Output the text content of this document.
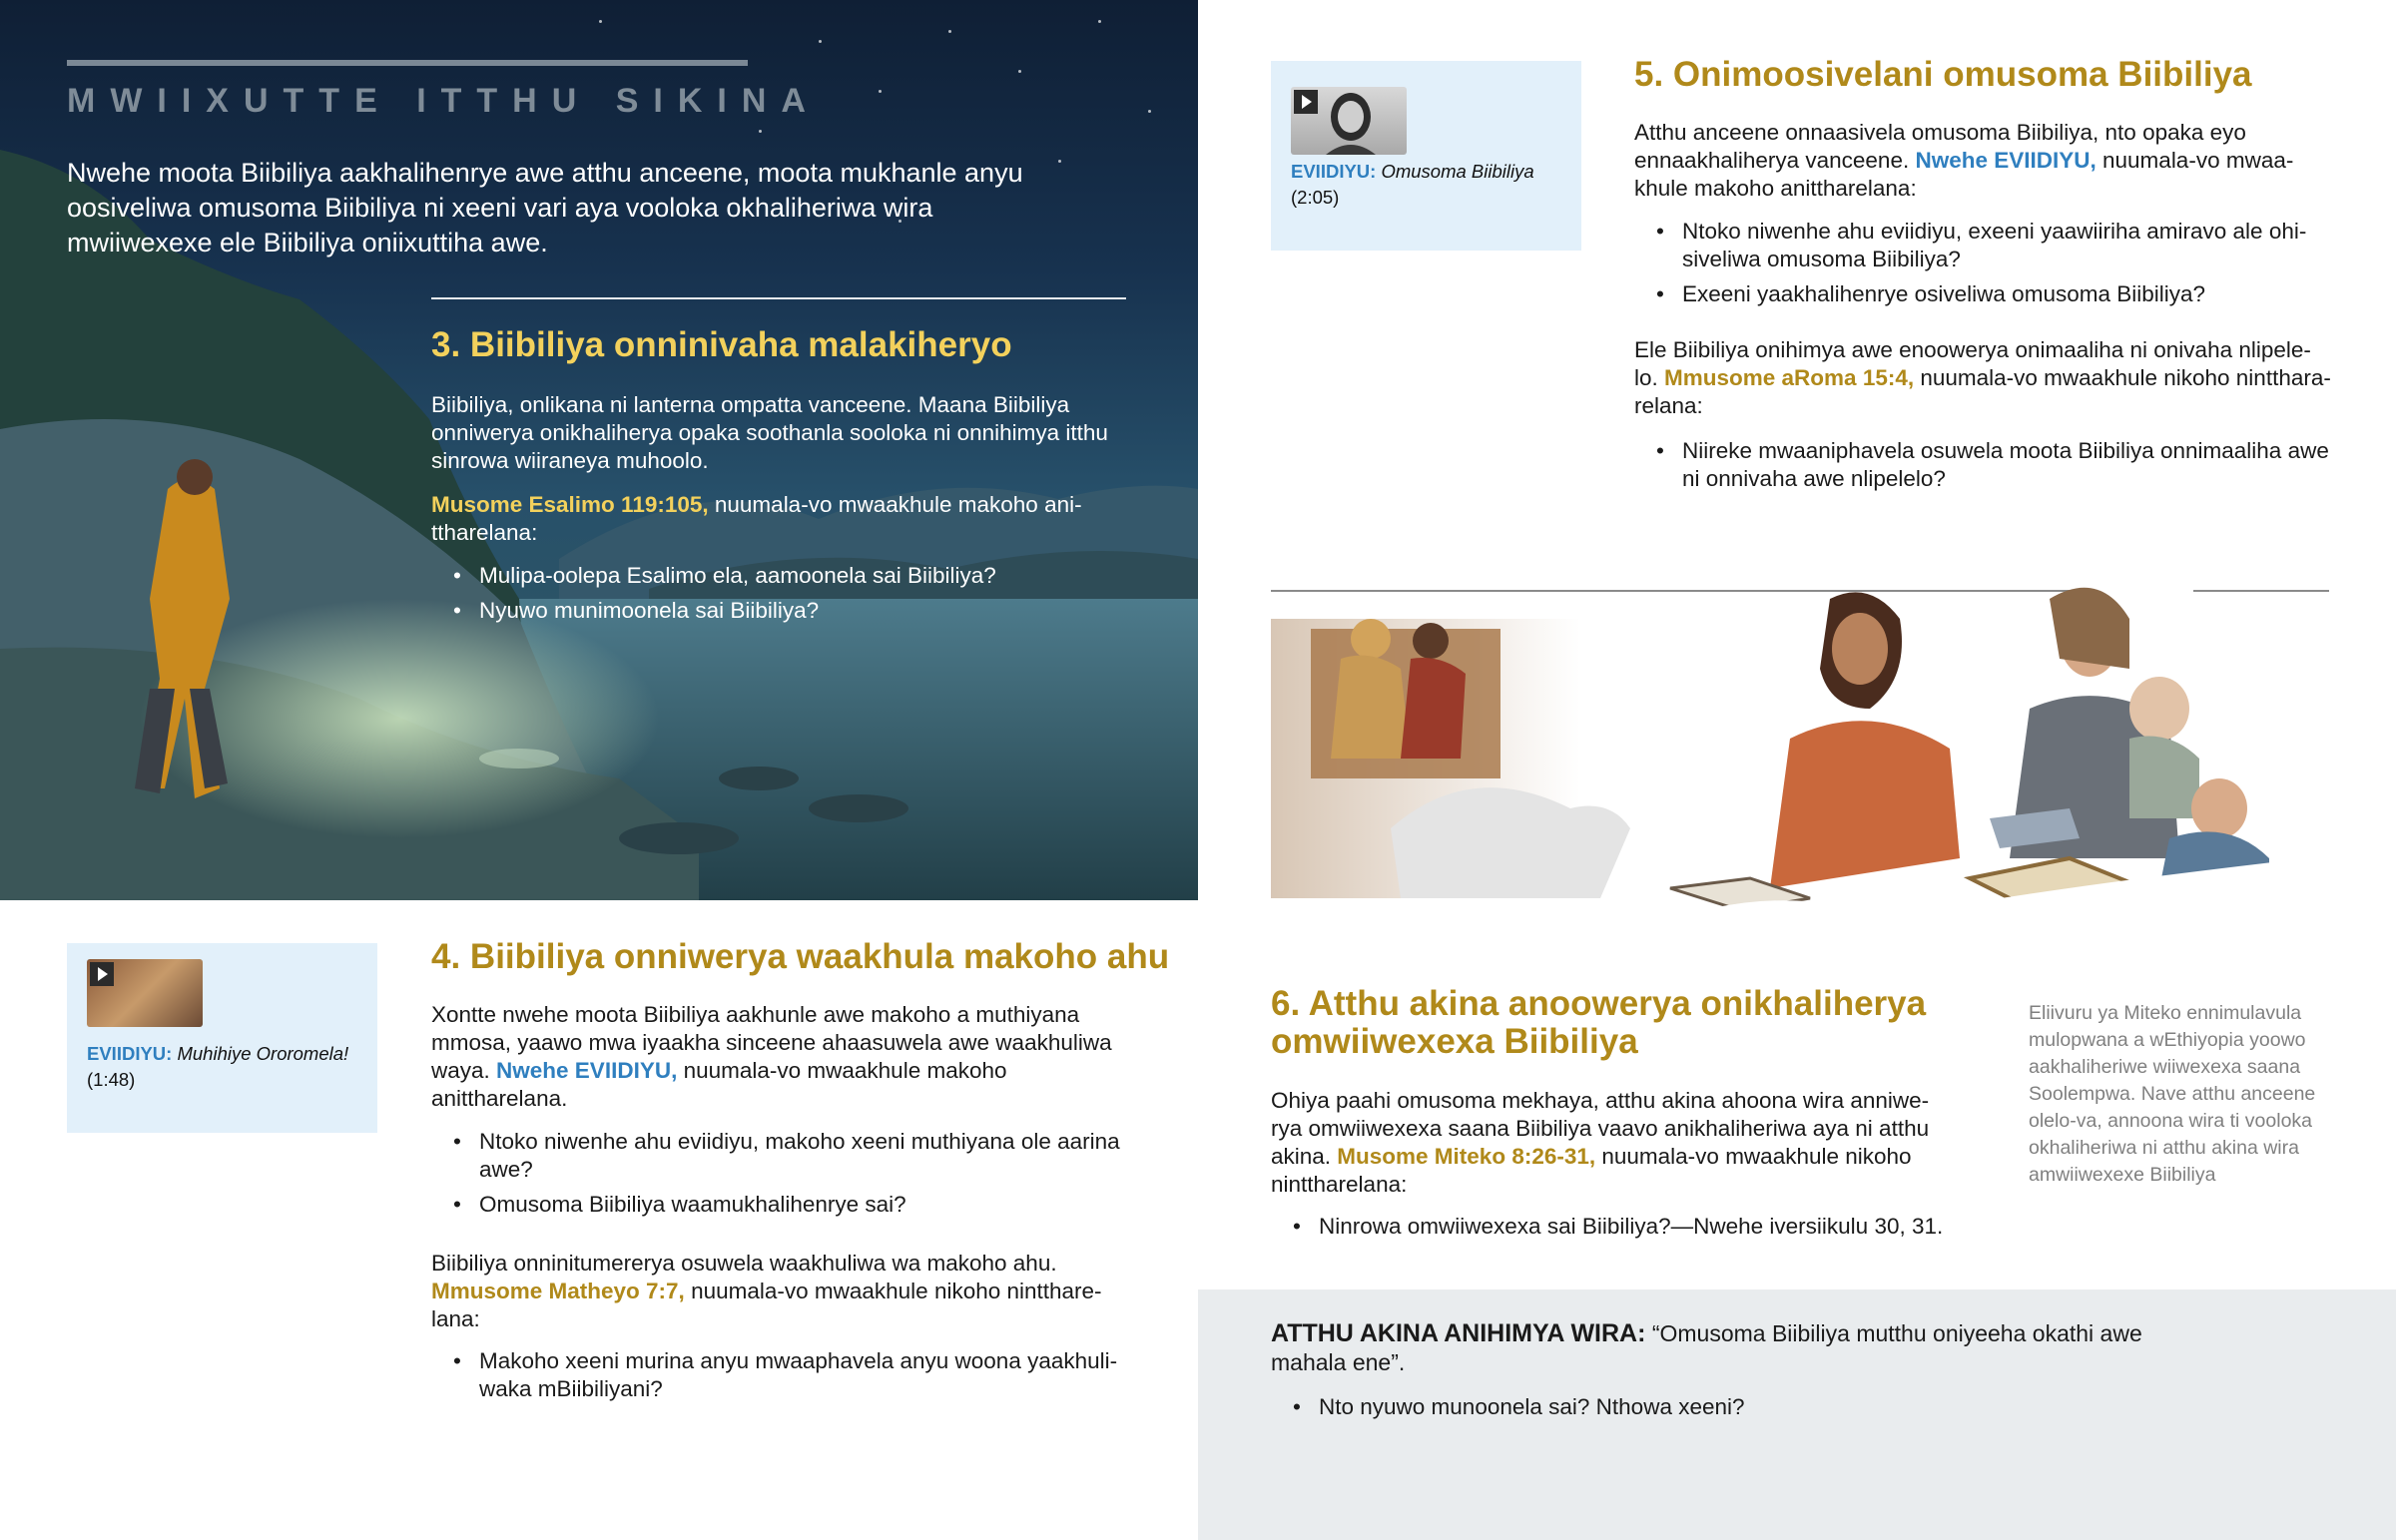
MWIIXUTTE ITTHU SIKINA
Nwehe moota Biibiliya aakhalihenrye awe atthu anceene, moota mukhanle anyu oosiveliwa omusoma Biibiliya ni xeeni vari aya vooloka okhaliheriwa wira mwiiwexexe ele Biibiliya oniixuttiha awe.
3. Biibiliya onninivaha malakiheryo
Biibiliya, onlikana ni lanterna ompatta vanceene. Maana Biibiliya onniwerya onikhaliherya opaka soothanla sooloka ni onnihimya itthu sinrowa wiiraneya muhoolo.
Musome Esalimo 119:105, nuumala-vo mwaakhule makoho ani-ttharelana:
• Mulipa-oolepa Esalimo ela, aamoonela sai Biibiliya?
• Nyuwo munimoonela sai Biibiliya?
EVIIDIYU: Muhihiye Ororomela! (1:48)
4. Biibiliya onniwerya waakhula makoho ahu
Xontte nwehe moota Biibiliya aakhunle awe makoho a muthiyana mmosa, yaawo mwa iyaakha sinceene ahaasuwela awe waakhuliwa waya. Nwehe EVIIDIYU, nuumala-vo mwaakhule makoho anittharelana.
• Ntoko niwenhe ahu eviidiyu, makoho xeeni muthiyana ole aarina awe?
• Omusoma Biibiliya waamukhalihenrye sai?
Biibiliya onninitumererya osuwela waakhuliwa wa makoho ahu.
Mmusome Matheyo 7:7, nuumala-vo mwaakhule nikoho nintthare-lana:
• Makoho xeeni murina anyu mwaaphavela anyu woona yaakhuli-waka mBiibiliyani?
EVIIDIYU: Omusoma Biibiliya
(2:05)
5. Onimoosivelani omusoma Biibiliya
Atthu anceene onnaasivela omusoma Biibiliya, nto opaka eyo ennaakhaliherya vanceene. Nwehe EVIIDIYU, nuumala-vo mwaa-khule makoho anittharelana:
• Ntoko niwenhe ahu eviidiyu, exeeni yaawiiriha amiravo ale ohi-siveliwa omusoma Biibiliya?
• Exeeni yaakhalihenrye osiveliwa omusoma Biibiliya?
Ele Biibiliya onihimya awe enoowerya onimaaliha ni onivaha nlipele-lo. Mmusome aRoma 15:4, nuumala-vo mwaakhule nikoho nintthara-relana:
• Niireke mwaaniphavela osuwela moota Biibiliya onnimaaliha awe ni onnivaha awe nlipelelo?
6. Atthu akina anoowerya onikhaliherya
omwiiwexexa Biibiliya
Ohiya paahi omusoma mekhaya, atthu akina ahoona wira anniwe-rya omwiiwexexa saana Biibiliya vaavo anikhaliheriwa aya ni atthu akina. Musome Miteko 8:26-31, nuumala-vo mwaakhule nikoho ninttharelana:
• Ninrowa omwiiwexexa sai Biibiliya?—Nwehe iversiikulu 30, 31.
Eliivuru ya Miteko ennimulavula mulopwana a wEthiyopia yoowo aakhaliheriwe wiiwexexa saana Soolempwa. Nave atthu anceene olelo-va, annoona wira ti vooloka okhaliheriwa ni atthu akina wira amwiiwexexe Biibiliya
ATTHU AKINA ANIHIMYA WIRA: “Omusoma Biibiliya mutthu oniyeeha okathi awe mahala ene”.
• Nto nyuwo munoonela sai? Nthowa xeeni?
